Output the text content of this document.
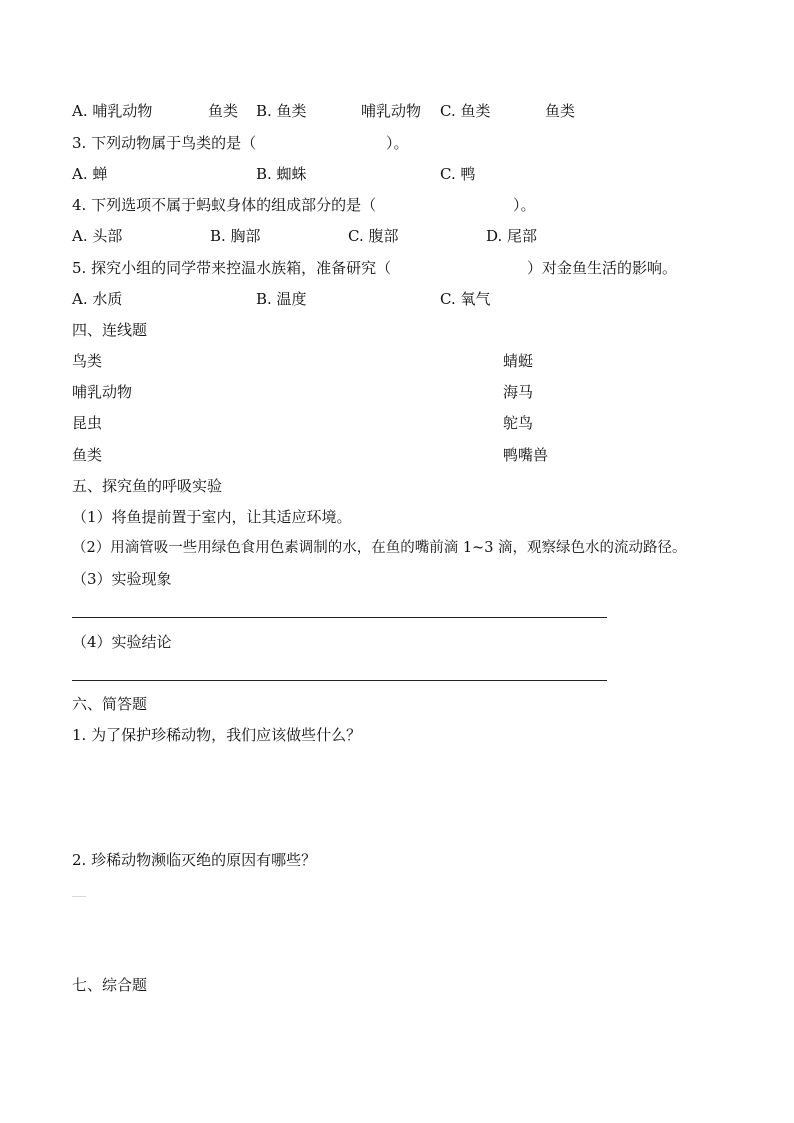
A. 哺乳动物	鱼类 B. 鱼类	哺乳动物 C. 鱼类	鱼类
3. 下列动物属于鸟类的是（	）。
A. 蝉	B. 蜘蛛	C. 鸭
4. 下列选项不属于蚂蚁身体的组成部分的是（	）。
A. 头部	B. 胸部	C. 腹部	D. 尾部
5. 探究小组的同学带来控温水族箱，准备研究（	）对金鱼生活的影响。
A. 水质	B. 温度	C. 氧气
四、连线题
鸟类	蜻蜓
哺乳动物	海马
昆虫	鸵鸟
鱼类	鸭嘴兽
五、探究鱼的呼吸实验
（1）将鱼提前置于室内，让其适应环境。
（2）用滴管吸一些用绿色食用色素调制的水，在鱼的嘴前滴 1~3 滴，观察绿色水的流动路径。
（3）实验现象
（4）实验结论
六、简答题
1. 为了保护珍稀动物，我们应该做些什么？
2. 珍稀动物濒临灭绝的原因有哪些？
七、综合题
